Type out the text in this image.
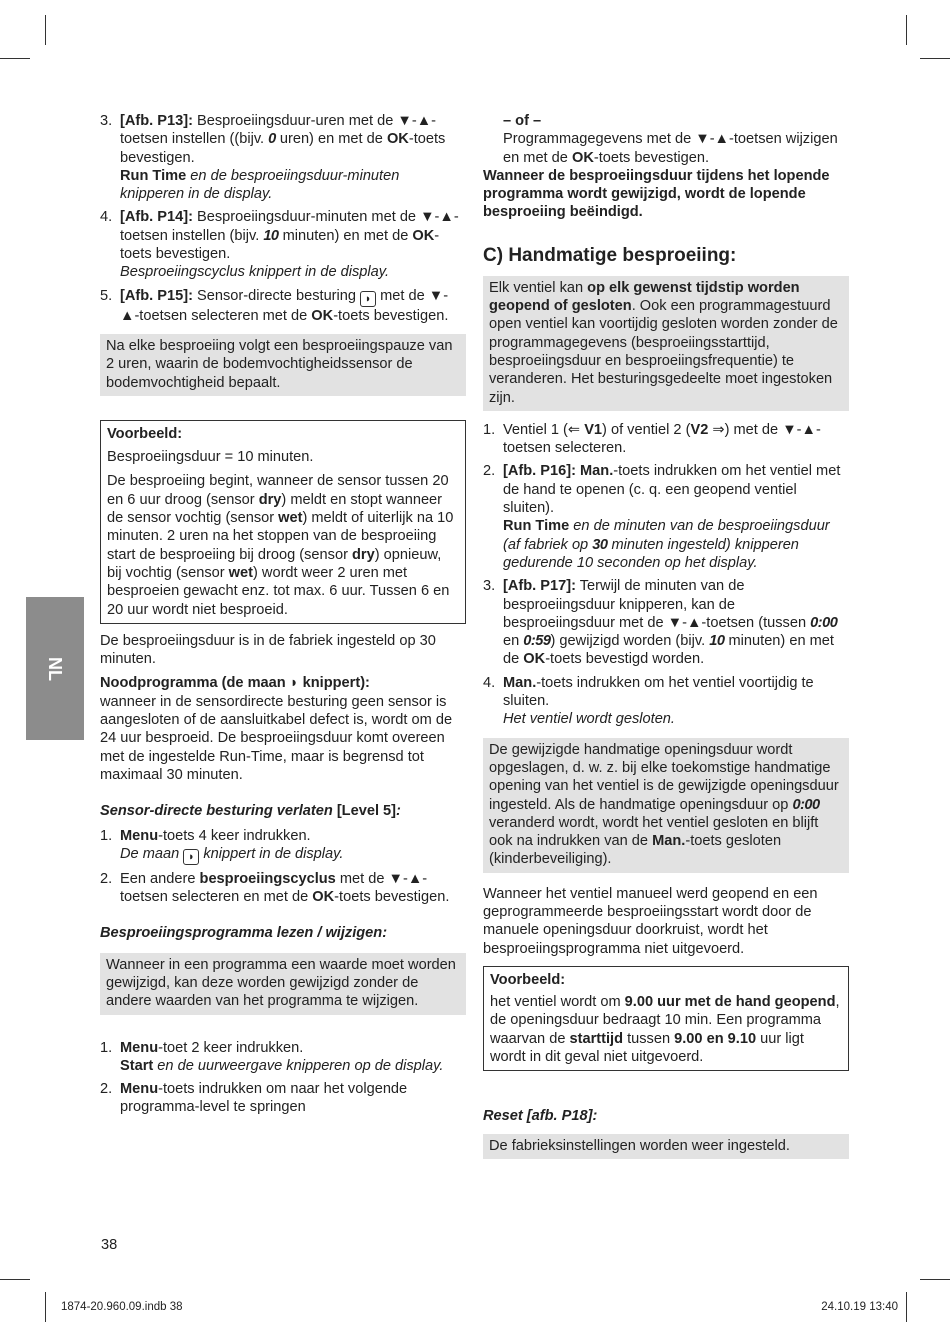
NL
3. [Afb. P13]: Besproeiingsduur-uren met de ▼-▲-toetsen instellen ((bijv. 0 uren) en met de OK-toets bevestigen.
Run Time en de besproeiingsduur-minuten knipperen in de display.
4. [Afb. P14]: Besproeiingsduur-minuten met de ▼-▲-toetsen instellen (bijv. 10 minuten) en met de OK-toets bevestigen.
Besproeiingscyclus knippert in de display.
5. [Afb. P15]: Sensor-directe besturing ◗ met de ▼-▲-toetsen selecteren met de OK-toets bevestigen.
Na elke besproeiing volgt een besproeiingspauze van 2 uren, waarin de bodemvochtigheidssensor de bodemvochtigheid bepaalt.

Voorbeeld:

Besproeiingsduur = 10 minuten.

De besproeiing begint, wanneer de sensor tussen 20 en 6 uur droog (sensor dry) meldt en stopt wanneer de sensor vochtig (sensor wet) meldt of uiterlijk na 10 minuten. 2 uren na het stoppen van de besproeiing start de besproeiing bij droog (sensor dry) opnieuw, bij vochtig (sensor wet) wordt weer 2 uren met besproeien gewacht enz. tot max. 6 uur. Tussen 6 en 20 uur wordt niet besproeid.

De besproeiingsduur is in de fabriek ingesteld op 30 minuten.

Noodprogramma (de maan ◗ knippert):

wanneer in de sensordirecte besturing geen sensor is aangesloten of de aansluitkabel defect is, wordt om de 24 uur besproeid. De besproeiingsduur komt overeen met de ingestelde Run-Time, maar is begrensd tot maximaal 30 minuten.

Sensor-directe besturing verlaten [Level 5]:

1. Menu-toets 4 keer indrukken.
De maan ◗ knippert in de display.
2. Een andere besproeiingscyclus met de ▼-▲-toetsen selecteren en met de OK-toets bevestigen.

Besproeiingsprogramma lezen / wijzigen:

Wanneer in een programma een waarde moet worden gewijzigd, kan deze worden gewijzigd zonder de andere waarden van het programma te wijzigen.
1. Menu-toet 2 keer indrukken.
Start en de uurweergave knipperen op de display.
2. Menu-toets indrukken om naar het volgende programma-level te springen

– of –

Programmagegevens met de ▼-▲-toetsen wijzigen en met de OK-toets bevestigen.

Wanneer de besproeiingsduur tijdens het lopende programma wordt gewijzigd, wordt de lopende besproeiing beëindigd.

C) Handmatige besproeiing:
Elk ventiel kan op elk gewenst tijdstip worden geopend of gesloten. Ook een programmagestuurd open ventiel kan voortijdig gesloten worden zonder de programmagegevens (besproeiingsstarttijd, besproeiingsduur en besproeiingsfrequentie) te veranderen. Het besturingsgedeelte moet ingestoken zijn.
1. Ventiel 1 (⇐ V1) of ventiel 2 (V2 ⇒) met de ▼-▲-toetsen selecteren.
2. [Afb. P16]: Man.-toets indrukken om het ventiel met de hand te openen (c. q. een geopend ventiel sluiten).
Run Time en de minuten van de besproeiingsduur (af fabriek op 30 minuten ingesteld) knipperen gedurende 10 seconden op het display.
3. [Afb. P17]: Terwijl de minuten van de besproeiingsduur knipperen, kan de besproeiingsduur met de ▼-▲-toetsen (tussen 0:00 en 0:59) gewijzigd worden (bijv. 10 minuten) en met de OK-toets bevestigd worden.
4. Man.-toets indrukken om het ventiel voortijdig te sluiten.
Het ventiel wordt gesloten.
De gewijzigde handmatige openingsduur wordt opgeslagen, d. w. z. bij elke toekomstige handmatige opening van het ventiel is de gewijzigde openingsduur ingesteld. Als de handmatige openingsduur op 0:00 veranderd wordt, wordt het ventiel gesloten en blijft ook na indrukken van de Man.-toets gesloten (kinderbeveiliging).

Wanneer het ventiel manueel werd geopend en een geprogrammeerde besproeiingsstart wordt door de manuele openingsduur doorkruist, wordt het besproeiingsprogramma niet uitgevoerd.

Voorbeeld:

het ventiel wordt om 9.00 uur met de hand geopend, de openingsduur bedraagt 10 min. Een programma waarvan de starttijd tussen 9.00 en 9.10 uur ligt wordt in dit geval niet uitgevoerd.

Reset [afb. P18]:

De fabrieksinstellingen worden weer ingesteld.
38
1874-20.960.09.indb 38	24.10.19 13:40
